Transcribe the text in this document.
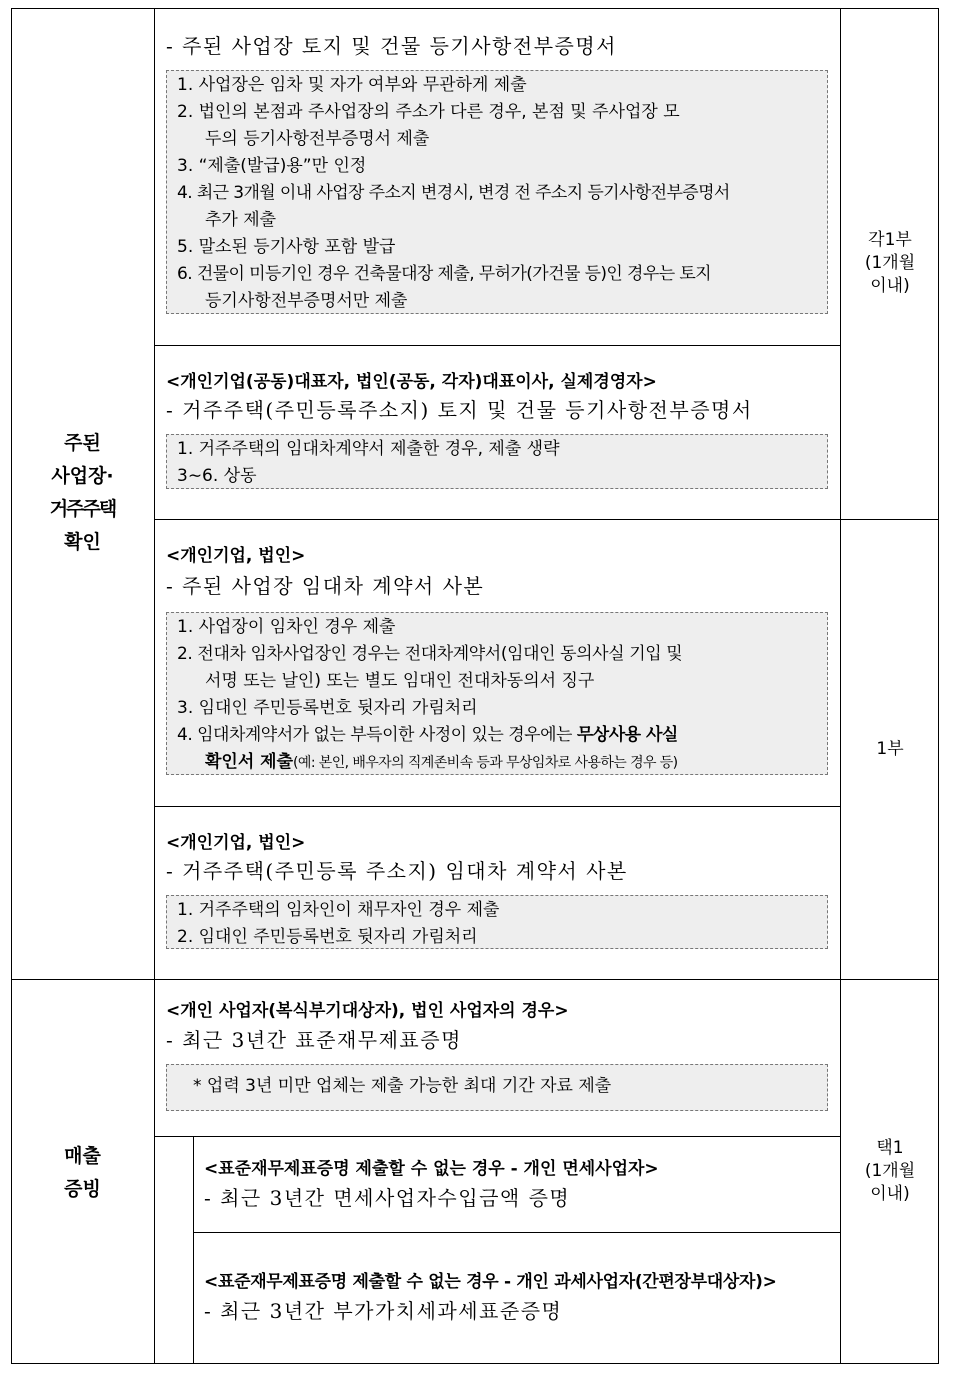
주된
사업장·
거주주택
확인
각1부
(1개월
이내)
1부
- 주된 사업장 토지 및 건물 등기사항전부증명서
1. 사업장은 임차 및 자가 여부와 무관하게 제출
2. 법인의 본점과 주사업장의 주소가 다른 경우, 본점 및 주사업장 모
두의 등기사항전부증명서 제출
3. “제출(발급)용”만 인정
4. 최근 3개월 이내 사업장 주소지 변경시, 변경 전 주소지 등기사항전부증명서
추가 제출
5. 말소된 등기사항 포함 발급
6. 건물이 미등기인 경우 건축물대장 제출, 무허가(가건물 등)인 경우는 토지
등기사항전부증명서만 제출
<개인기업(공동)대표자, 법인(공동, 각자)대표이사, 실제경영자>
- 거주주택(주민등록주소지) 토지 및 건물 등기사항전부증명서
1. 거주주택의 임대차계약서 제출한 경우, 제출 생략
3∼6. 상동
<개인기업, 법인>
- 주된 사업장 임대차 계약서 사본
1. 사업장이 임차인 경우 제출
2. 전대차 임차사업장인 경우는 전대차계약서(임대인 동의사실 기입 및
서명 또는 날인) 또는 별도 임대인 전대차동의서 징구
3. 임대인 주민등록번호 뒷자리 가림처리
4. 임대차계약서가 없는 부득이한 사정이 있는 경우에는 무상사용 사실
확인서 제출(예: 본인, 배우자의 직계존비속 등과 무상임차로 사용하는 경우 등)
<개인기업, 법인>
- 거주주택(주민등록 주소지) 임대차 계약서 사본
1. 거주주택의 임차인이 채무자인 경우 제출
2. 임대인 주민등록번호 뒷자리 가림처리
매출
증빙
택1
(1개월
이내)
<개인 사업자(복식부기대상자), 법인 사업자의 경우>
- 최근 3년간 표준재무제표증명
* 업력 3년 미만 업체는 제출 가능한 최대 기간 자료 제출
<표준재무제표증명 제출할 수 없는 경우 - 개인 면세사업자>
- 최근 3년간 면세사업자수입금액 증명
<표준재무제표증명 제출할 수 없는 경우 - 개인 과세사업자(간편장부대상자)>
- 최근 3년간 부가가치세과세표준증명
